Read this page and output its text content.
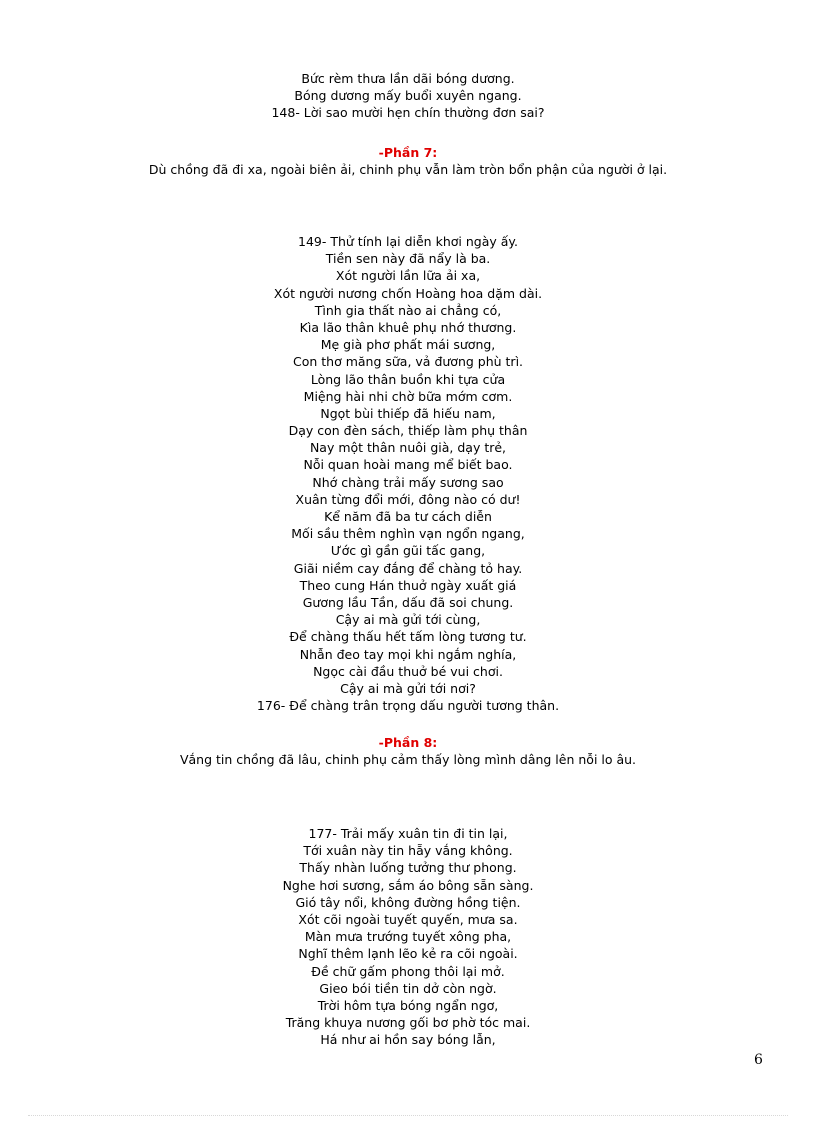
Bức rèm thưa lần dãi bóng dương.
Bóng dương mấy buổi xuyên ngang.
148- Lời sao mười hẹn chín thường đơn sai?
-Phần 7:
Dù chồng đã đi xa, ngoài biên ải, chinh phụ vẫn làm tròn bổn phận của người ở lại.
149- Thử tính lại diễn khơi ngày ấy.
Tiền sen này đã nẩy là ba.
Xót người lần lữa ải xa,
Xót người nương chốn Hoàng hoa dặm dài.
Tình gia thất nào ai chẳng có,
Kìa lão thân khuê phụ nhớ thương.
Mẹ già phơ phất mái sương,
Con thơ măng sữa, vả đương phù trì.
Lòng lão thân buồn khi tựa cửa
Miệng hài nhi chờ bữa mớm cơm.
Ngọt bùi thiếp đã hiếu nam,
Dạy con đèn sách, thiếp làm phụ thân
Nay một thân nuôi già, dạy trẻ,
Nỗi quan hoài mang mể biết bao.
Nhớ chàng trải mấy sương sao
Xuân từng đổi mới, đông nào có dư!
Kể năm đã ba tư cách diễn
Mối sầu thêm nghìn vạn ngổn ngang,
Ước gì gần gũi tấc gang,
Giãi niềm cay đắng để chàng tỏ hay.
Theo cung Hán thuở ngày xuất giá
Gương lầu Tần, dấu đã soi chung.
Cậy ai mà gửi tới cùng,
Để chàng thấu hết tấm lòng tương tư.
Nhẫn đeo tay mọi khi ngắm nghía,
Ngọc cài đầu thuở bé vui chơi.
Cậy ai mà gửi tới nơi?
176- Để chàng trân trọng dấu người tương thân.
-Phần 8:
Vắng tin chồng đã lâu, chinh phụ cảm thấy lòng mình dâng lên nỗi lo âu.
177- Trải mấy xuân tin đi tin lại,
Tới xuân này tin hẵy vắng không.
Thấy nhàn luống tưởng thư phong.
Nghe hơi sương, sắm áo bông sẵn sàng.
Gió tây nổi, không đường hồng tiện.
Xót cõi ngoài tuyết quyến, mưa sa.
Màn mưa trướng tuyết xông pha,
Nghĩ thêm lạnh lẽo kẻ ra cõi ngoài.
Đề chữ gấm phong thôi lại mở.
Gieo bói tiền tin dở còn ngờ.
Trời hôm tựa bóng ngẩn ngơ,
Trăng khuya nương gối bơ phờ tóc mai.
Há như ai hồn say bóng lẫn,
6
